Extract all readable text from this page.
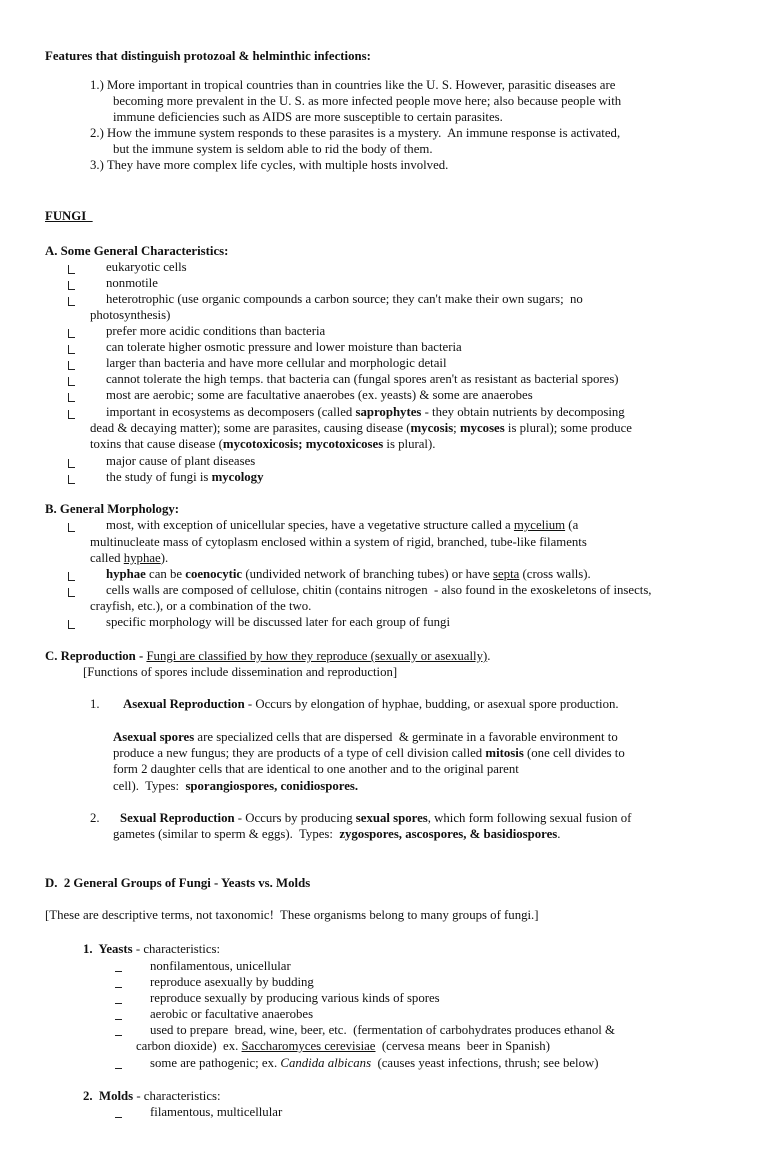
Features that distinguish protozoal & helminthic infections:
1.) More important in tropical countries than in countries like the U. S. However, parasitic diseases are
becoming more prevalent in the U. S. as more infected people move here; also because people with
immune deficiencies such as AIDS are more susceptible to certain parasites.
2.) How the immune system responds to these parasites is a mystery.  An immune response is activated,
but the immune system is seldom able to rid the body of them.
3.) They have more complex life cycles, with multiple hosts involved.
FUNGI
A. Some General Characteristics:
eukaryotic cells
nonmotile
heterotrophic (use organic compounds a carbon source; they can't make their own sugars;  no
photosynthesis)
prefer more acidic conditions than bacteria
can tolerate higher osmotic pressure and lower moisture than bacteria
larger than bacteria and have more cellular and morphologic detail
cannot tolerate the high temps. that bacteria can (fungal spores aren't as resistant as bacterial spores)
most are aerobic; some are facultative anaerobes (ex. yeasts) & some are anaerobes
important in ecosystems as decomposers (called saprophytes - they obtain nutrients by decomposing
dead & decaying matter); some are parasites, causing disease (mycosis; mycoses is plural); some produce
toxins that cause disease (mycotoxicosis; mycotoxicoses is plural).
major cause of plant diseases
the study of fungi is mycology
B. General Morphology:
most, with exception of unicellular species, have a vegetative structure called a mycelium (a
multinucleate mass of cytoplasm enclosed within a system of rigid, branched, tube-like filaments
called hyphae).
hyphae can be coenocytic (undivided network of branching tubes) or have septa (cross walls).
cells walls are composed of cellulose, chitin (contains nitrogen  - also found in the exoskeletons of insects,
crayfish, etc.), or a combination of the two.
specific morphology will be discussed later for each group of fungi
C. Reproduction - Fungi are classified by how they reproduce (sexually or asexually).
[Functions of spores include dissemination and reproduction]
1. Asexual Reproduction - Occurs by elongation of hyphae, budding, or asexual spore production.
Asexual spores are specialized cells that are dispersed  & germinate in a favorable environment to
produce a new fungus; they are products of a type of cell division called mitosis (one cell divides to
form 2 daughter cells that are identical to one another and to the original parent
cell).  Types:  sporangiospores, conidiospores.
2. Sexual Reproduction - Occurs by producing sexual spores, which form following sexual fusion of
gametes (similar to sperm & eggs).  Types:  zygospores, ascospores, & basidiospores.
D.  2 General Groups of Fungi - Yeasts vs. Molds
[These are descriptive terms, not taxonomic!  These organisms belong to many groups of fungi.]
1.  Yeasts - characteristics:
nonfilamentous, unicellular
reproduce asexually by budding
reproduce sexually by producing various kinds of spores
aerobic or facultative anaerobes
used to prepare  bread, wine, beer, etc.  (fermentation of carbohydrates produces ethanol &
carbon dioxide)  ex. Saccharomyces cerevisiae  (cervesa means  beer in Spanish)
some are pathogenic; ex. Candida albicans  (causes yeast infections, thrush; see below)
2.  Molds - characteristics:
filamentous, multicellular
